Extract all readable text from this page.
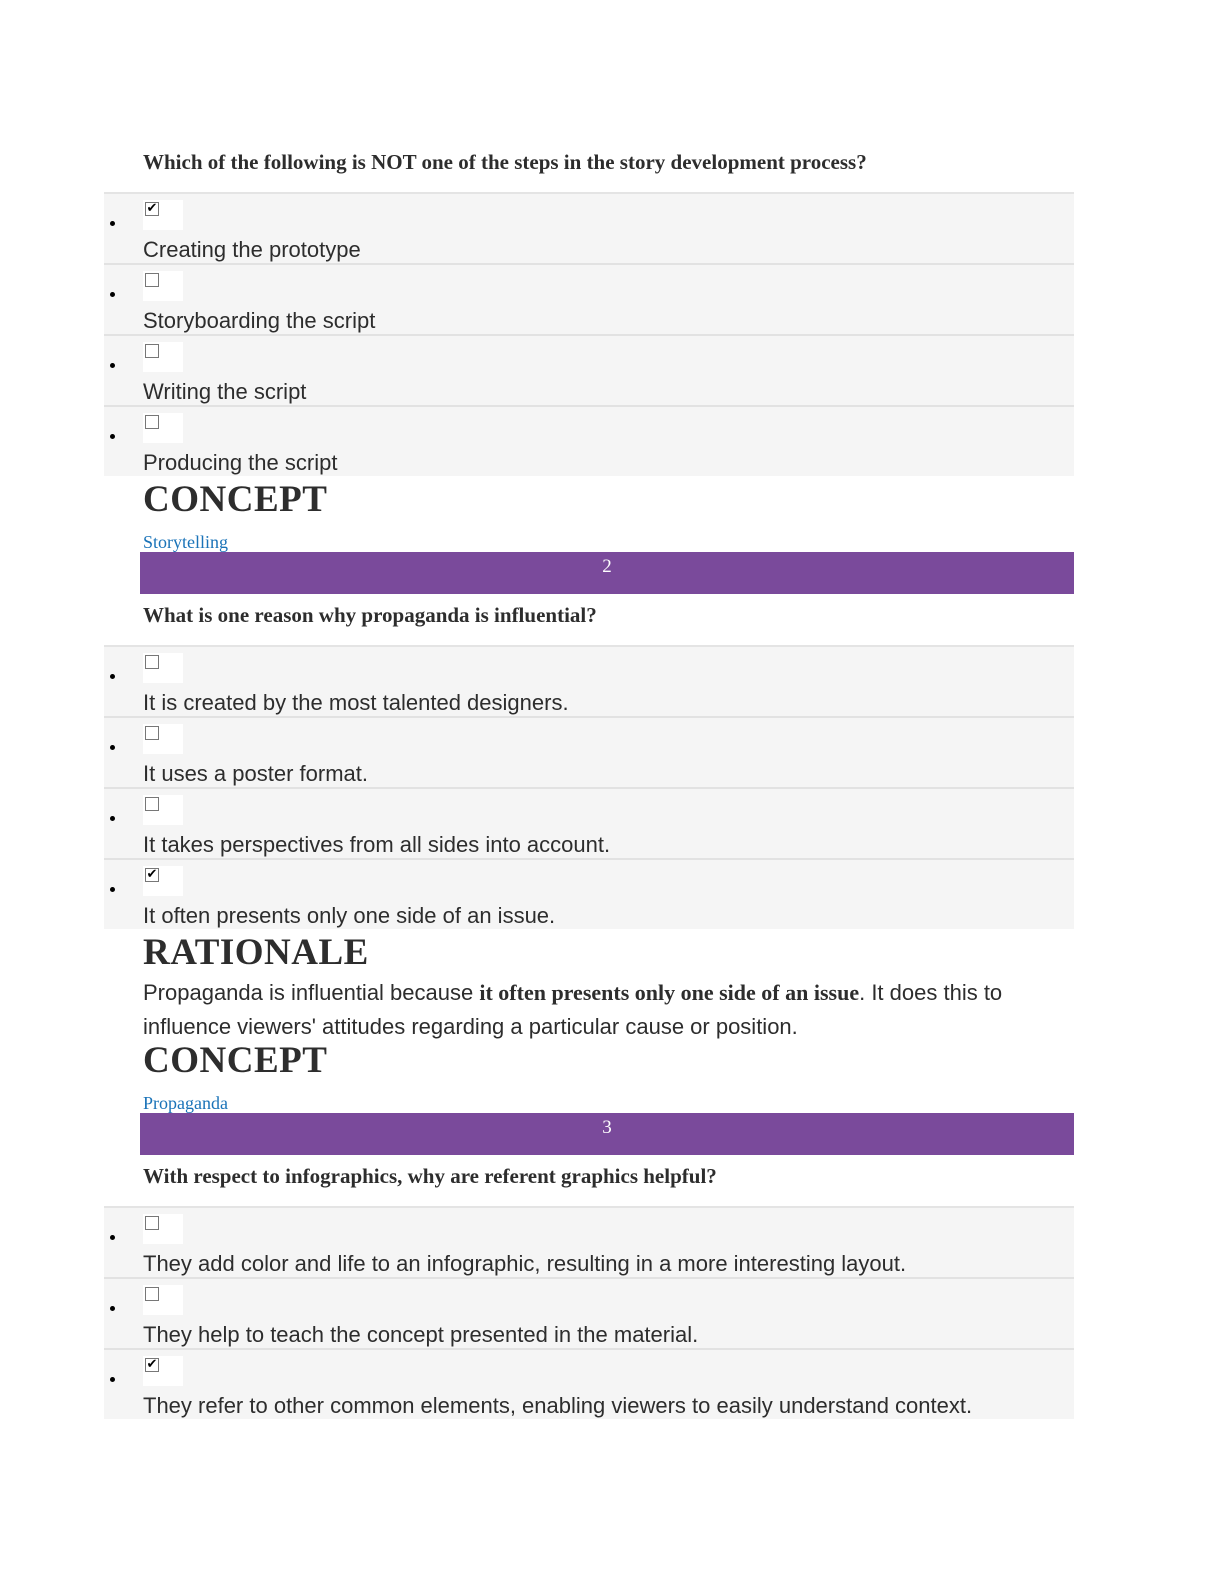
Which of the following is NOT one of the steps in the story development process?
✔
Creating the prototype
Storyboarding the script
Writing the script
Producing the script
CONCEPT
Storytelling
2
What is one reason why propaganda is influential?
It is created by the most talented designers.
It uses a poster format.
It takes perspectives from all sides into account.
✔
It often presents only one side of an issue.
RATIONALE
Propaganda is influential because it often presents only one side of an issue. It does this to influence viewers' attitudes regarding a particular cause or position.
CONCEPT
Propaganda
3
With respect to infographics, why are referent graphics helpful?
They add color and life to an infographic, resulting in a more interesting layout.
They help to teach the concept presented in the material.
✔
They refer to other common elements, enabling viewers to easily understand context.
